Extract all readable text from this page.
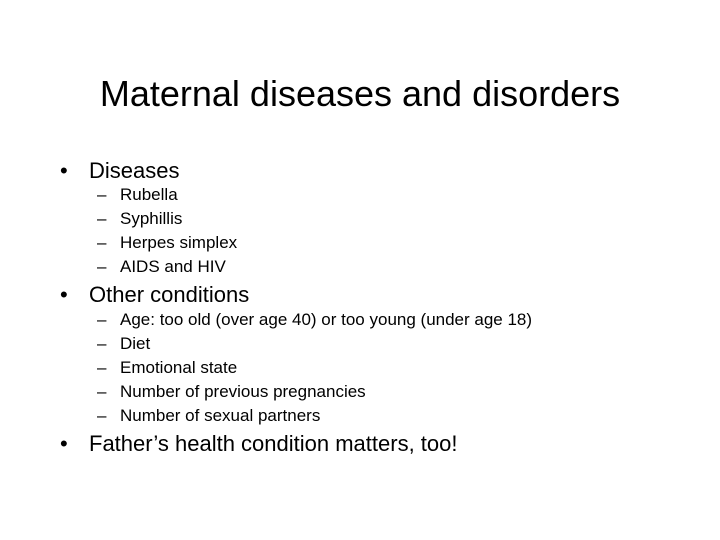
Maternal diseases and disorders
• Diseases
– Rubella
– Syphillis
– Herpes simplex
– AIDS and HIV
• Other conditions
– Age: too old (over age 40) or too young (under age 18)
– Diet
– Emotional state
– Number of previous pregnancies
– Number of sexual partners
• Father’s health condition matters, too!
